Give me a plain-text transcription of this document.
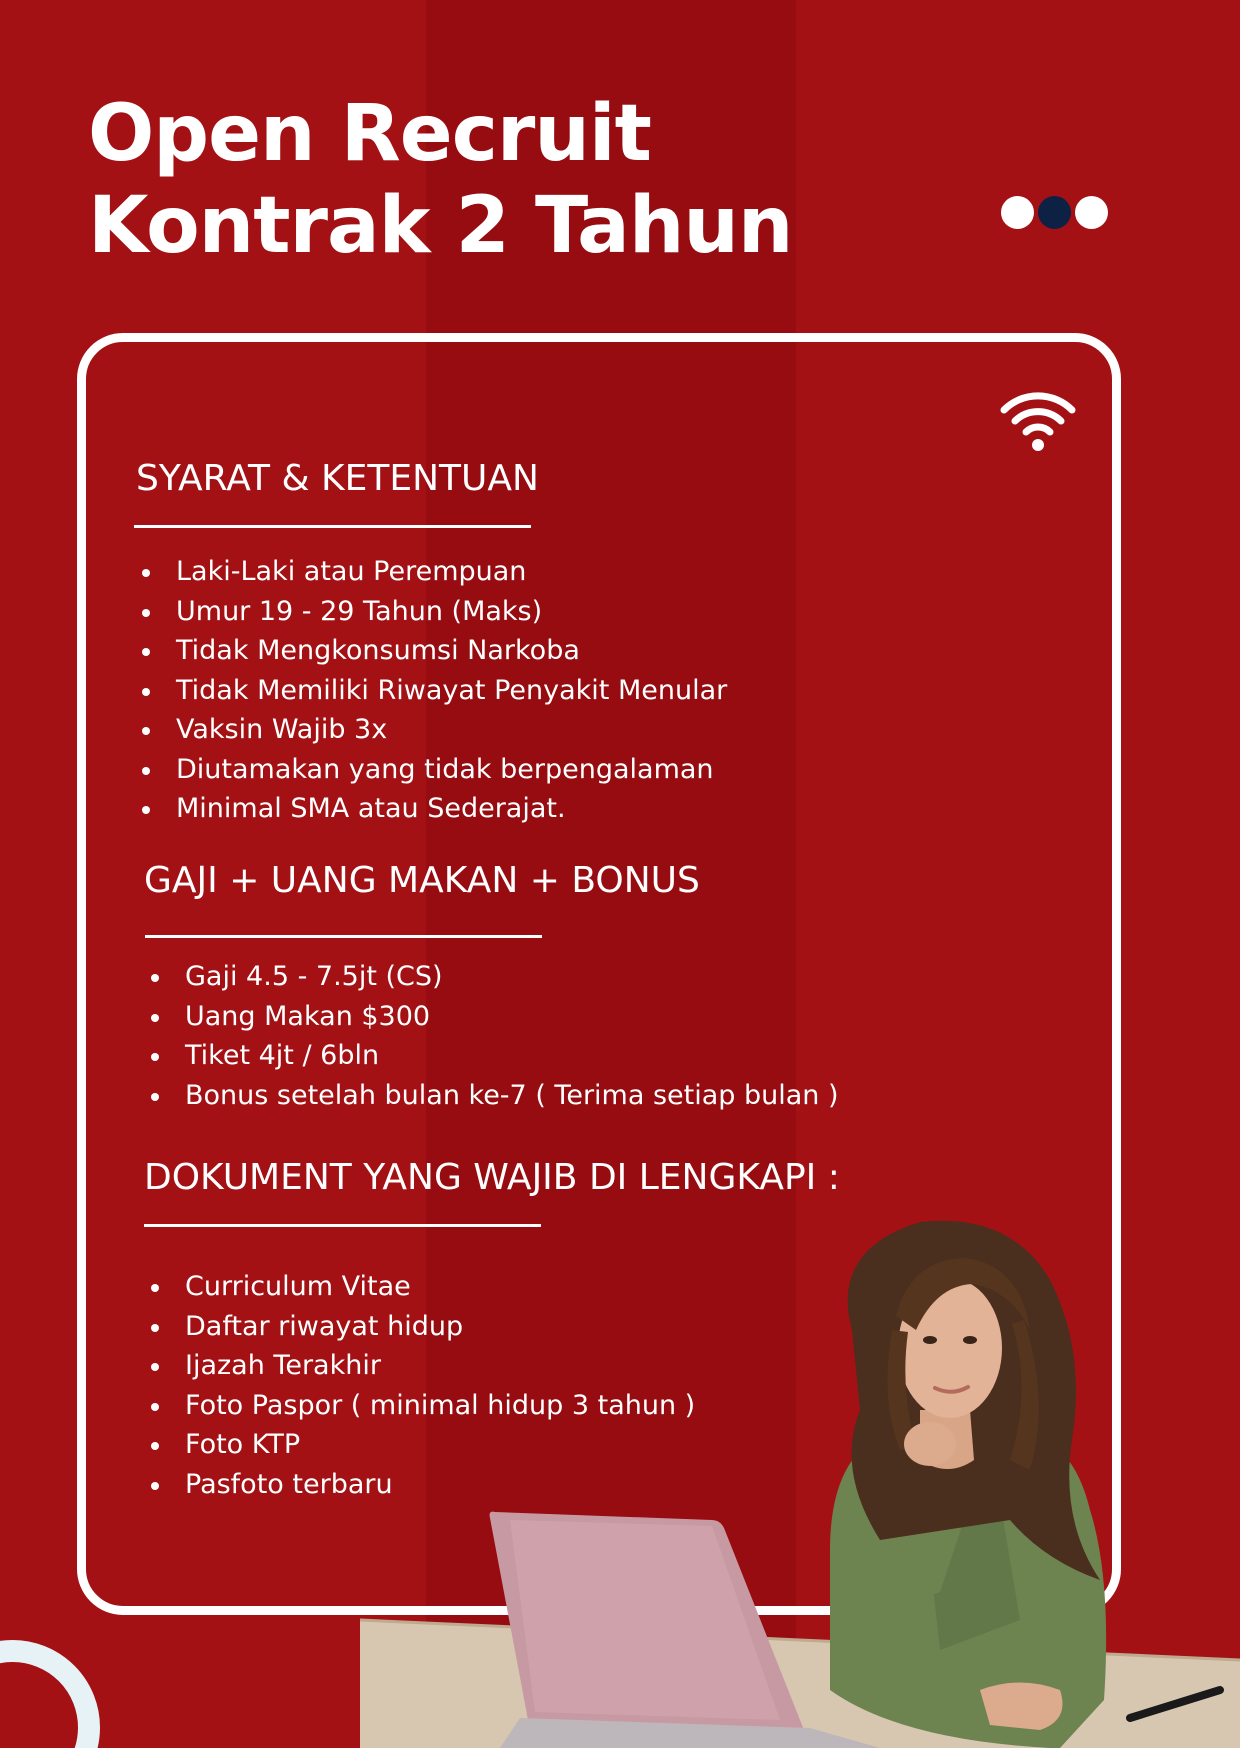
Open Recruit
Kontrak 2 Tahun
SYARAT & KETENTUAN
Laki-Laki atau Perempuan
Umur 19 - 29 Tahun (Maks)
Tidak Mengkonsumsi Narkoba
Tidak Memiliki Riwayat Penyakit Menular
Vaksin Wajib 3x
Diutamakan yang tidak berpengalaman
Minimal SMA atau Sederajat.
GAJI + UANG MAKAN + BONUS
Gaji 4.5 - 7.5jt (CS)
Uang Makan $300
Tiket 4jt / 6bln
Bonus setelah bulan ke-7 ( Terima setiap bulan )
DOKUMENT YANG WAJIB DI LENGKAPI :
Curriculum Vitae
Daftar riwayat hidup
Ijazah Terakhir
Foto Paspor ( minimal hidup 3 tahun )
Foto KTP
Pasfoto terbaru
